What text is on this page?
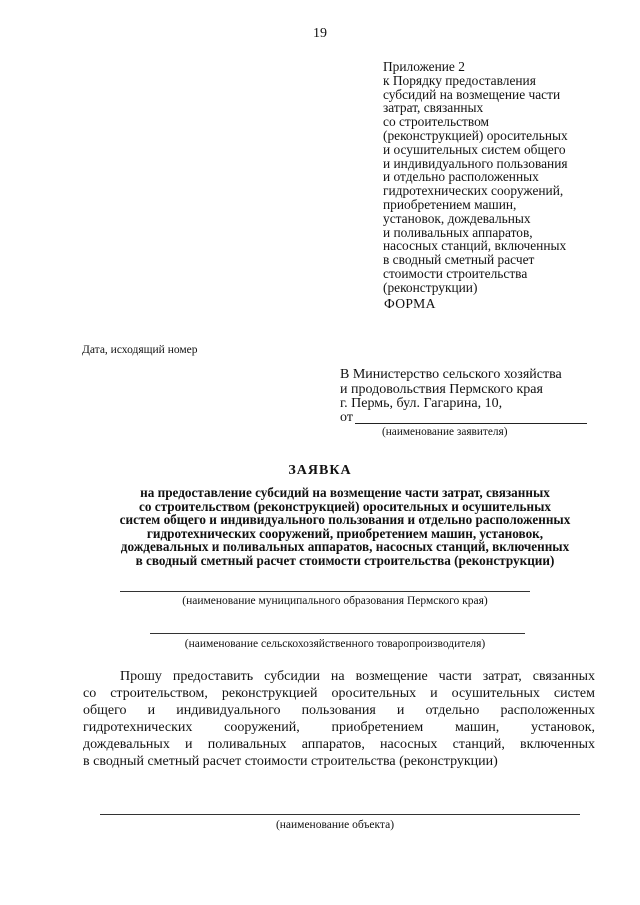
19
Приложение 2
к Порядку предоставления
субсидий на возмещение части
затрат, связанных
со строительством
(реконструкцией) оросительных
и осушительных систем общего
и индивидуального пользования
и отдельно расположенных
гидротехнических сооружений,
приобретением машин,
установок, дождевальных
и поливальных аппаратов,
насосных станций, включенных
в сводный сметный расчет
стоимости строительства
(реконструкции)
ФОРМА
Дата, исходящий номер
В Министерство сельского хозяйства
и продовольствия Пермского края
г. Пермь, бул. Гагарина, 10,
от
(наименование заявителя)
ЗАЯВКА
на предоставление субсидий на возмещение части затрат, связанных
со строительством (реконструкцией) оросительных и осушительных
систем общего и индивидуального пользования и отдельно расположенных
гидротехнических сооружений, приобретением машин, установок,
дождевальных и поливальных аппаратов, насосных станций, включенных
в сводный сметный расчет стоимости строительства (реконструкции)
(наименование муниципального образования Пермского края)
(наименование сельскохозяйственного товаропроизводителя)
Прошу предоставить субсидии на возмещение части затрат, связанных
со строительством, реконструкцией оросительных и осушительных систем
общего и индивидуального пользования и отдельно расположенных
гидротехнических сооружений, приобретением машин, установок,
дождевальных и поливальных аппаратов, насосных станций, включенных
в сводный сметный расчет стоимости строительства (реконструкции)
(наименование объекта)
